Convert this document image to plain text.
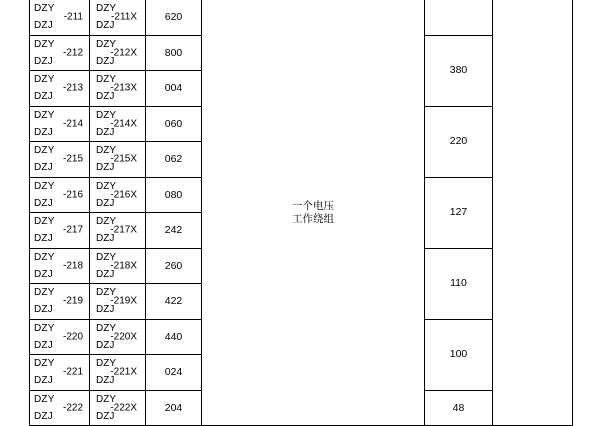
DZY
DZJ
-211

DZY
DZJ
-211X	620	
一个电压
工作绕组

DZY
DZJ
-212	DZY
DZJ
-212X	800		380	

DZY
DZJ
-213	DZY
DZJ
-213X	004			

DZY
DZJ
-214	DZY
DZJ
-214X	060		220	

DZY
DZJ
-215	DZY
DZJ
-215X	062			

DZY
DZJ
-216	DZY
DZJ
-216X	080		127	

DZY
DZJ
-217	DZY
DZJ
-217X	242			

DZY
DZJ
-218	DZY
DZJ
-218X	260		110	

DZY
DZJ
-219	DZY
DZJ
-219X	422			

DZY
DZJ
-220	DZY
DZJ
-220X	440		100	

DZY
DZJ
-221	DZY
DZJ
-221X	024			

DZY
DZJ
-222	DZY
DZJ
-222X	204		48	
